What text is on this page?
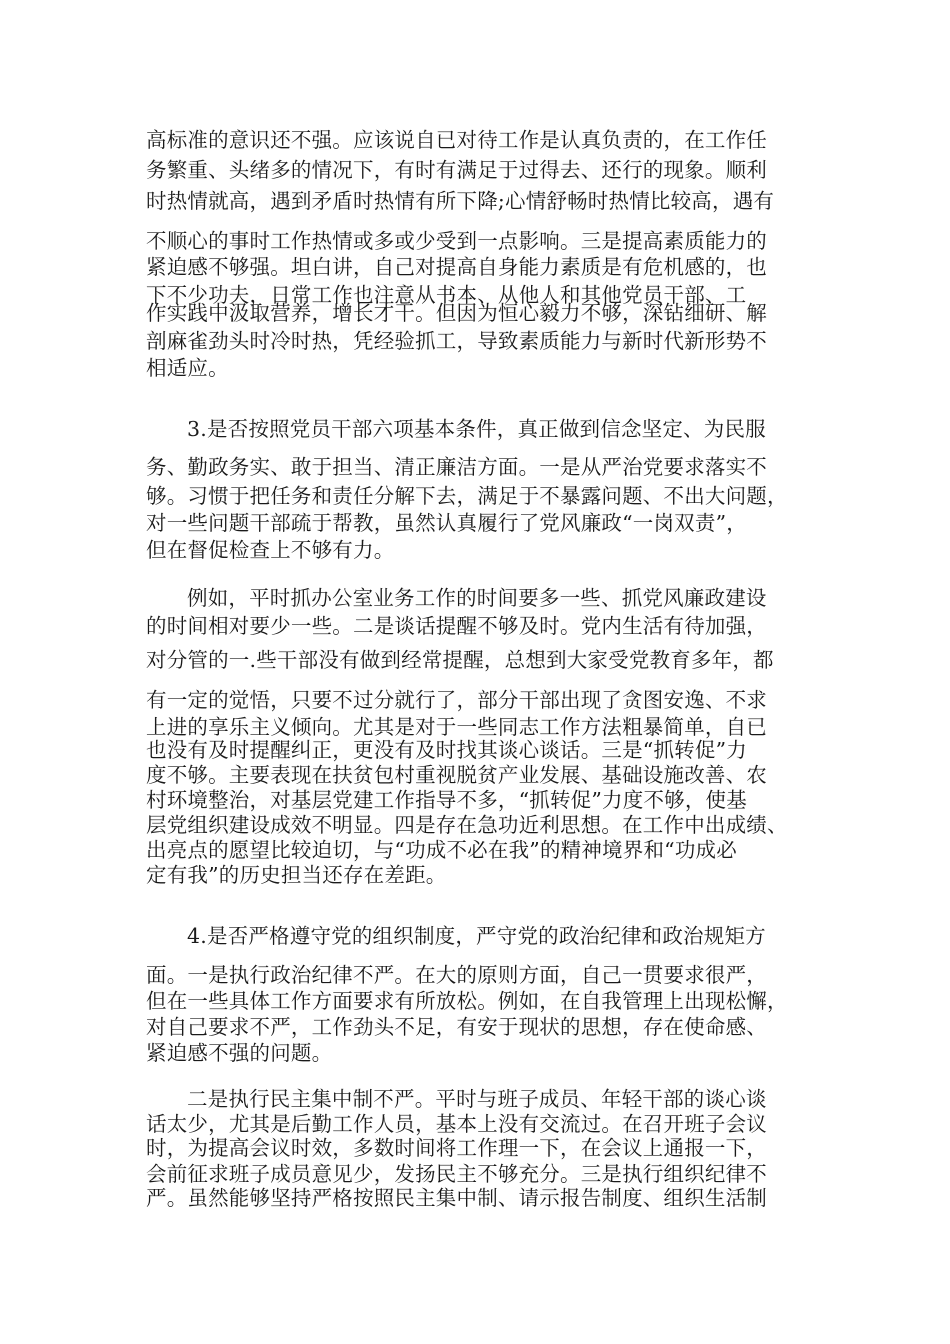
高标准的意识还不强。应该说自已对待工作是认真负责的，在工作任
务繁重、头绪多的情况下，有时有满足于过得去、还行的现象。顺利
时热情就高，遇到矛盾时热情有所下降;心情舒畅时热情比较高，遇有
不顺心的事时工作热情或多或少受到一点影响。三是提高素质能力的
紧迫感不够强。坦白讲，自己对提高自身能力素质是有危机感的，也
下不少功夫，日常工作也注意从书本、从他人和其他党员干部、工
作实践中汲取营养，增长才干。但因为恒心毅力不够，深钻细研、解
剖麻雀劲头时冷时热，凭经验抓工，导致素质能力与新时代新形势不
相适应。
3.是否按照党员干部六项基本条件，真正做到信念坚定、为民服
务、勤政务实、敢于担当、清正廉洁方面。一是从严治党要求落实不
够。习惯于把任务和责任分解下去，满足于不暴露问题、不出大问题，
对一些问题干部疏于帮教，虽然认真履行了党风廉政“一岗双责”，
但在督促检查上不够有力。
例如，平时抓办公室业务工作的时间要多一些、抓党风廉政建设
的时间相对要少一些。二是谈话提醒不够及时。党内生活有待加强，
对分管的一.些干部没有做到经常提醒，总想到大家受党教育多年，都
有一定的觉悟，只要不过分就行了，部分干部出现了贪图安逸、不求
上进的享乐主义倾向。尤其是对于一些同志工作方法粗暴简单，自已
也没有及时提醒纠正，更没有及时找其谈心谈话。三是“抓转促”力
度不够。主要表现在扶贫包村重视脱贫产业发展、基础设施改善、农
村环境整治，对基层党建工作指导不多，“抓转促”力度不够，使基
层党组织建设成效不明显。四是存在急功近利思想。在工作中出成绩、
出亮点的愿望比较迫切，与“功成不必在我”的精神境界和“功成必
定有我”的历史担当还存在差距。
4.是否严格遵守党的组织制度，严守党的政治纪律和政治规矩方
面。一是执行政治纪律不严。在大的原则方面，自己一贯要求很严，
但在一些具体工作方面要求有所放松。例如，在自我管理上出现松懈，
对自己要求不严，工作劲头不足，有安于现状的思想，存在使命感、
紧迫感不强的问题。
二是执行民主集中制不严。平时与班子成员、年轻干部的谈心谈
话太少，尤其是后勤工作人员，基本上没有交流过。在召开班子会议
时，为提高会议时效，多数时间将工作理一下，在会议上通报一下，
会前征求班子成员意见少，发扬民主不够充分。三是执行组织纪律不
严。虽然能够坚持严格按照民主集中制、请示报告制度、组织生活制
